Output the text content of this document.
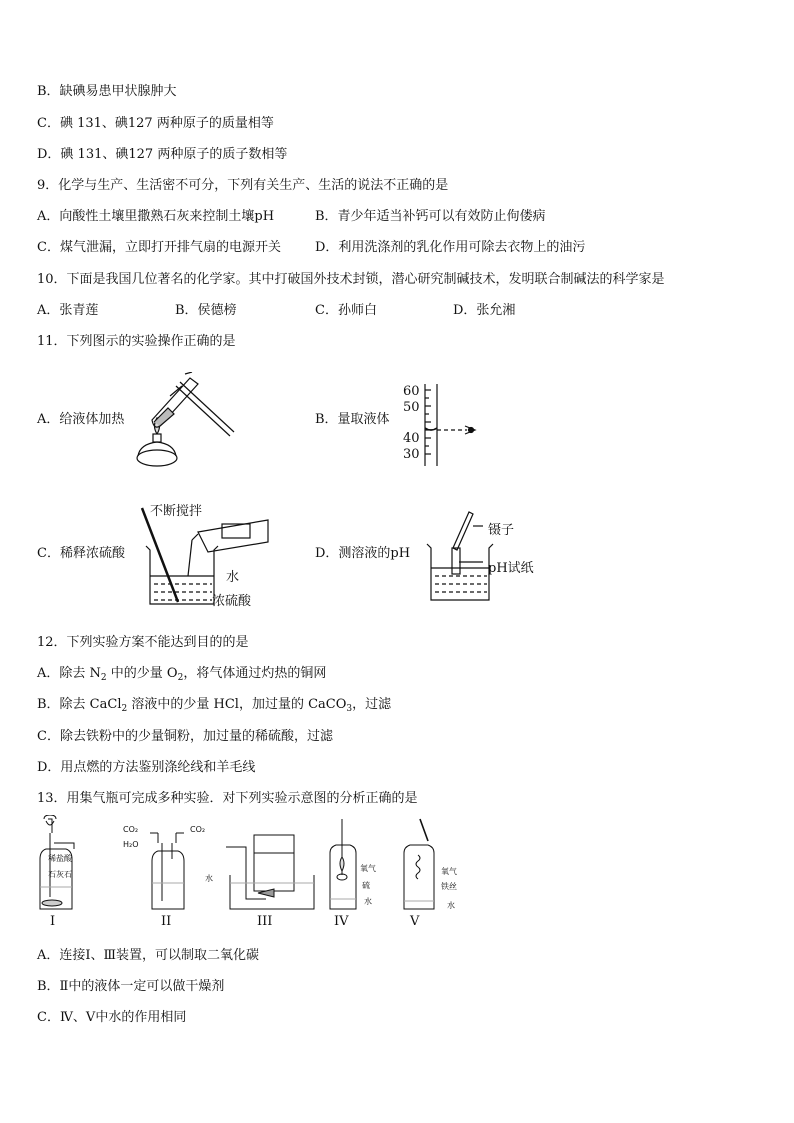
B．缺碘易患甲状腺肿大
C．碘 131、碘127 两种原子的质量相等
D．碘 131、碘127 两种原子的质子数相等
9．化学与生产、生活密不可分，下列有关生产、生活的说法不正确的是
A．向酸性土壤里撒熟石灰来控制土壤pH	B．青少年适当补钙可以有效防止佝偻病
C．煤气泄漏，立即打开排气扇的电源开关	D．利用洗涤剂的乳化作用可除去衣物上的油污
10．下面是我国几位著名的化学家。其中打破国外技术封锁，潜心研究制碱技术，发明联合制碱法的科学家是
A．张青莲	B．侯德榜	C．孙师白	D．张允湘
11．下列图示的实验操作正确的是
A．给液体加热	B．量取液体
C．稀释浓硫酸	D．测溶液的pH
60
50
40
30
不断搅拌
水
浓硫酸
镊子
pH试纸
12．下列实验方案不能达到目的的是
A．除去 $N_2$ 中的少量 $O_2$，将气体通过灼热的铜网
B．除去 CaCl$_2$ 溶液中的少量 HCl，加过量的 CaCO$_3$，过滤
C．除去铁粉中的少量铜粉，加过量的稀硫酸，过滤
D．用点燃的方法鉴别涤纶线和羊毛线
13．用集气瓶可完成多种实验．对下列实验示意图的分析正确的是
稀盐酸
石灰石
I
CO₂
H₂O
CO₂
II
水
III
氧气
硫
水
IV
氧气
铁丝
水
V
A．连接Ⅰ、Ⅲ装置，可以制取二氧化碳
B．Ⅱ中的液体一定可以做干燥剂
C．Ⅳ、Ⅴ中水的作用相同
